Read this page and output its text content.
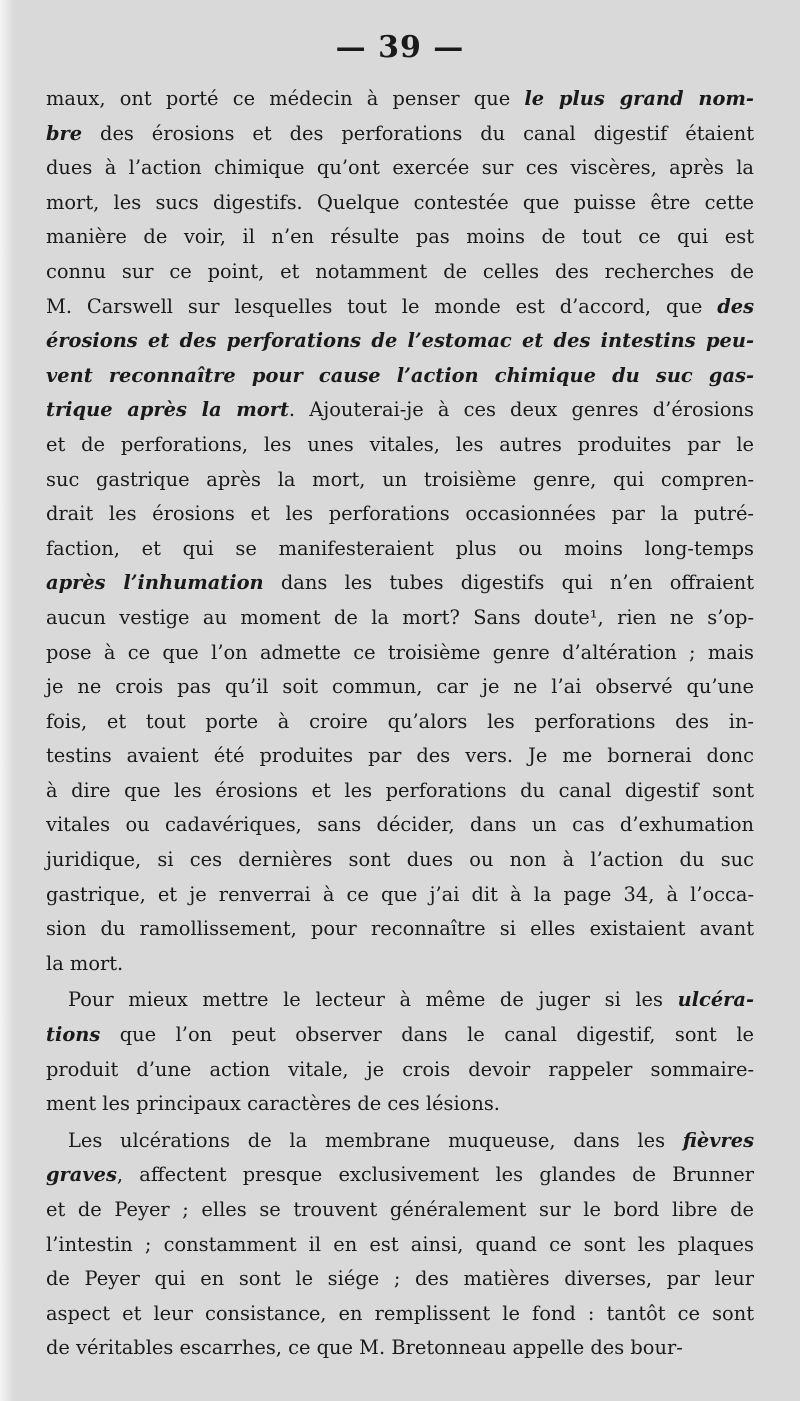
— 39 —
maux, ont porté ce médecin à penser que le plus grand nom-
bre des érosions et des perforations du canal digestif étaient
dues à l’action chimique qu’ont exercée sur ces viscères, après la
mort, les sucs digestifs. Quelque contestée que puisse être cette
manière de voir, il n’en résulte pas moins de tout ce qui est
connu sur ce point, et notamment de celles des recherches de
M. Carswell sur lesquelles tout le monde est d’accord, que des
érosions et des perforations de l’estomac et des intestins peu-
vent reconnaître pour cause l’action chimique du suc gas-
trique après la mort. Ajouterai-je à ces deux genres d’érosions
et de perforations, les unes vitales, les autres produites par le
suc gastrique après la mort, un troisième genre, qui compren-
drait les érosions et les perforations occasionnées par la putré-
faction, et qui se manifesteraient plus ou moins long-temps
après l’inhumation dans les tubes digestifs qui n’en offraient
aucun vestige au moment de la mort? Sans doute¹, rien ne s’op-
pose à ce que l’on admette ce troisième genre d’altération ; mais
je ne crois pas qu’il soit commun, car je ne l’ai observé qu’une
fois, et tout porte à croire qu’alors les perforations des in-
testins avaient été produites par des vers. Je me bornerai donc
à dire que les érosions et les perforations du canal digestif sont
vitales ou cadavériques, sans décider, dans un cas d’exhumation
juridique, si ces dernières sont dues ou non à l’action du suc
gastrique, et je renverrai à ce que j’ai dit à la page 34, à l’occa-
sion du ramollissement, pour reconnaître si elles existaient avant
la mort.
Pour mieux mettre le lecteur à même de juger si les ulcéra-
tions que l’on peut observer dans le canal digestif, sont le
produit d’une action vitale, je crois devoir rappeler sommaire-
ment les principaux caractères de ces lésions.
Les ulcérations de la membrane muqueuse, dans les fièvres
graves, affectent presque exclusivement les glandes de Brunner
et de Peyer ; elles se trouvent généralement sur le bord libre de
l’intestin ; constamment il en est ainsi, quand ce sont les plaques
de Peyer qui en sont le siége ; des matières diverses, par leur
aspect et leur consistance, en remplissent le fond : tantôt ce sont
de véritables escarrhes, ce que M. Bretonneau appelle des bour-
